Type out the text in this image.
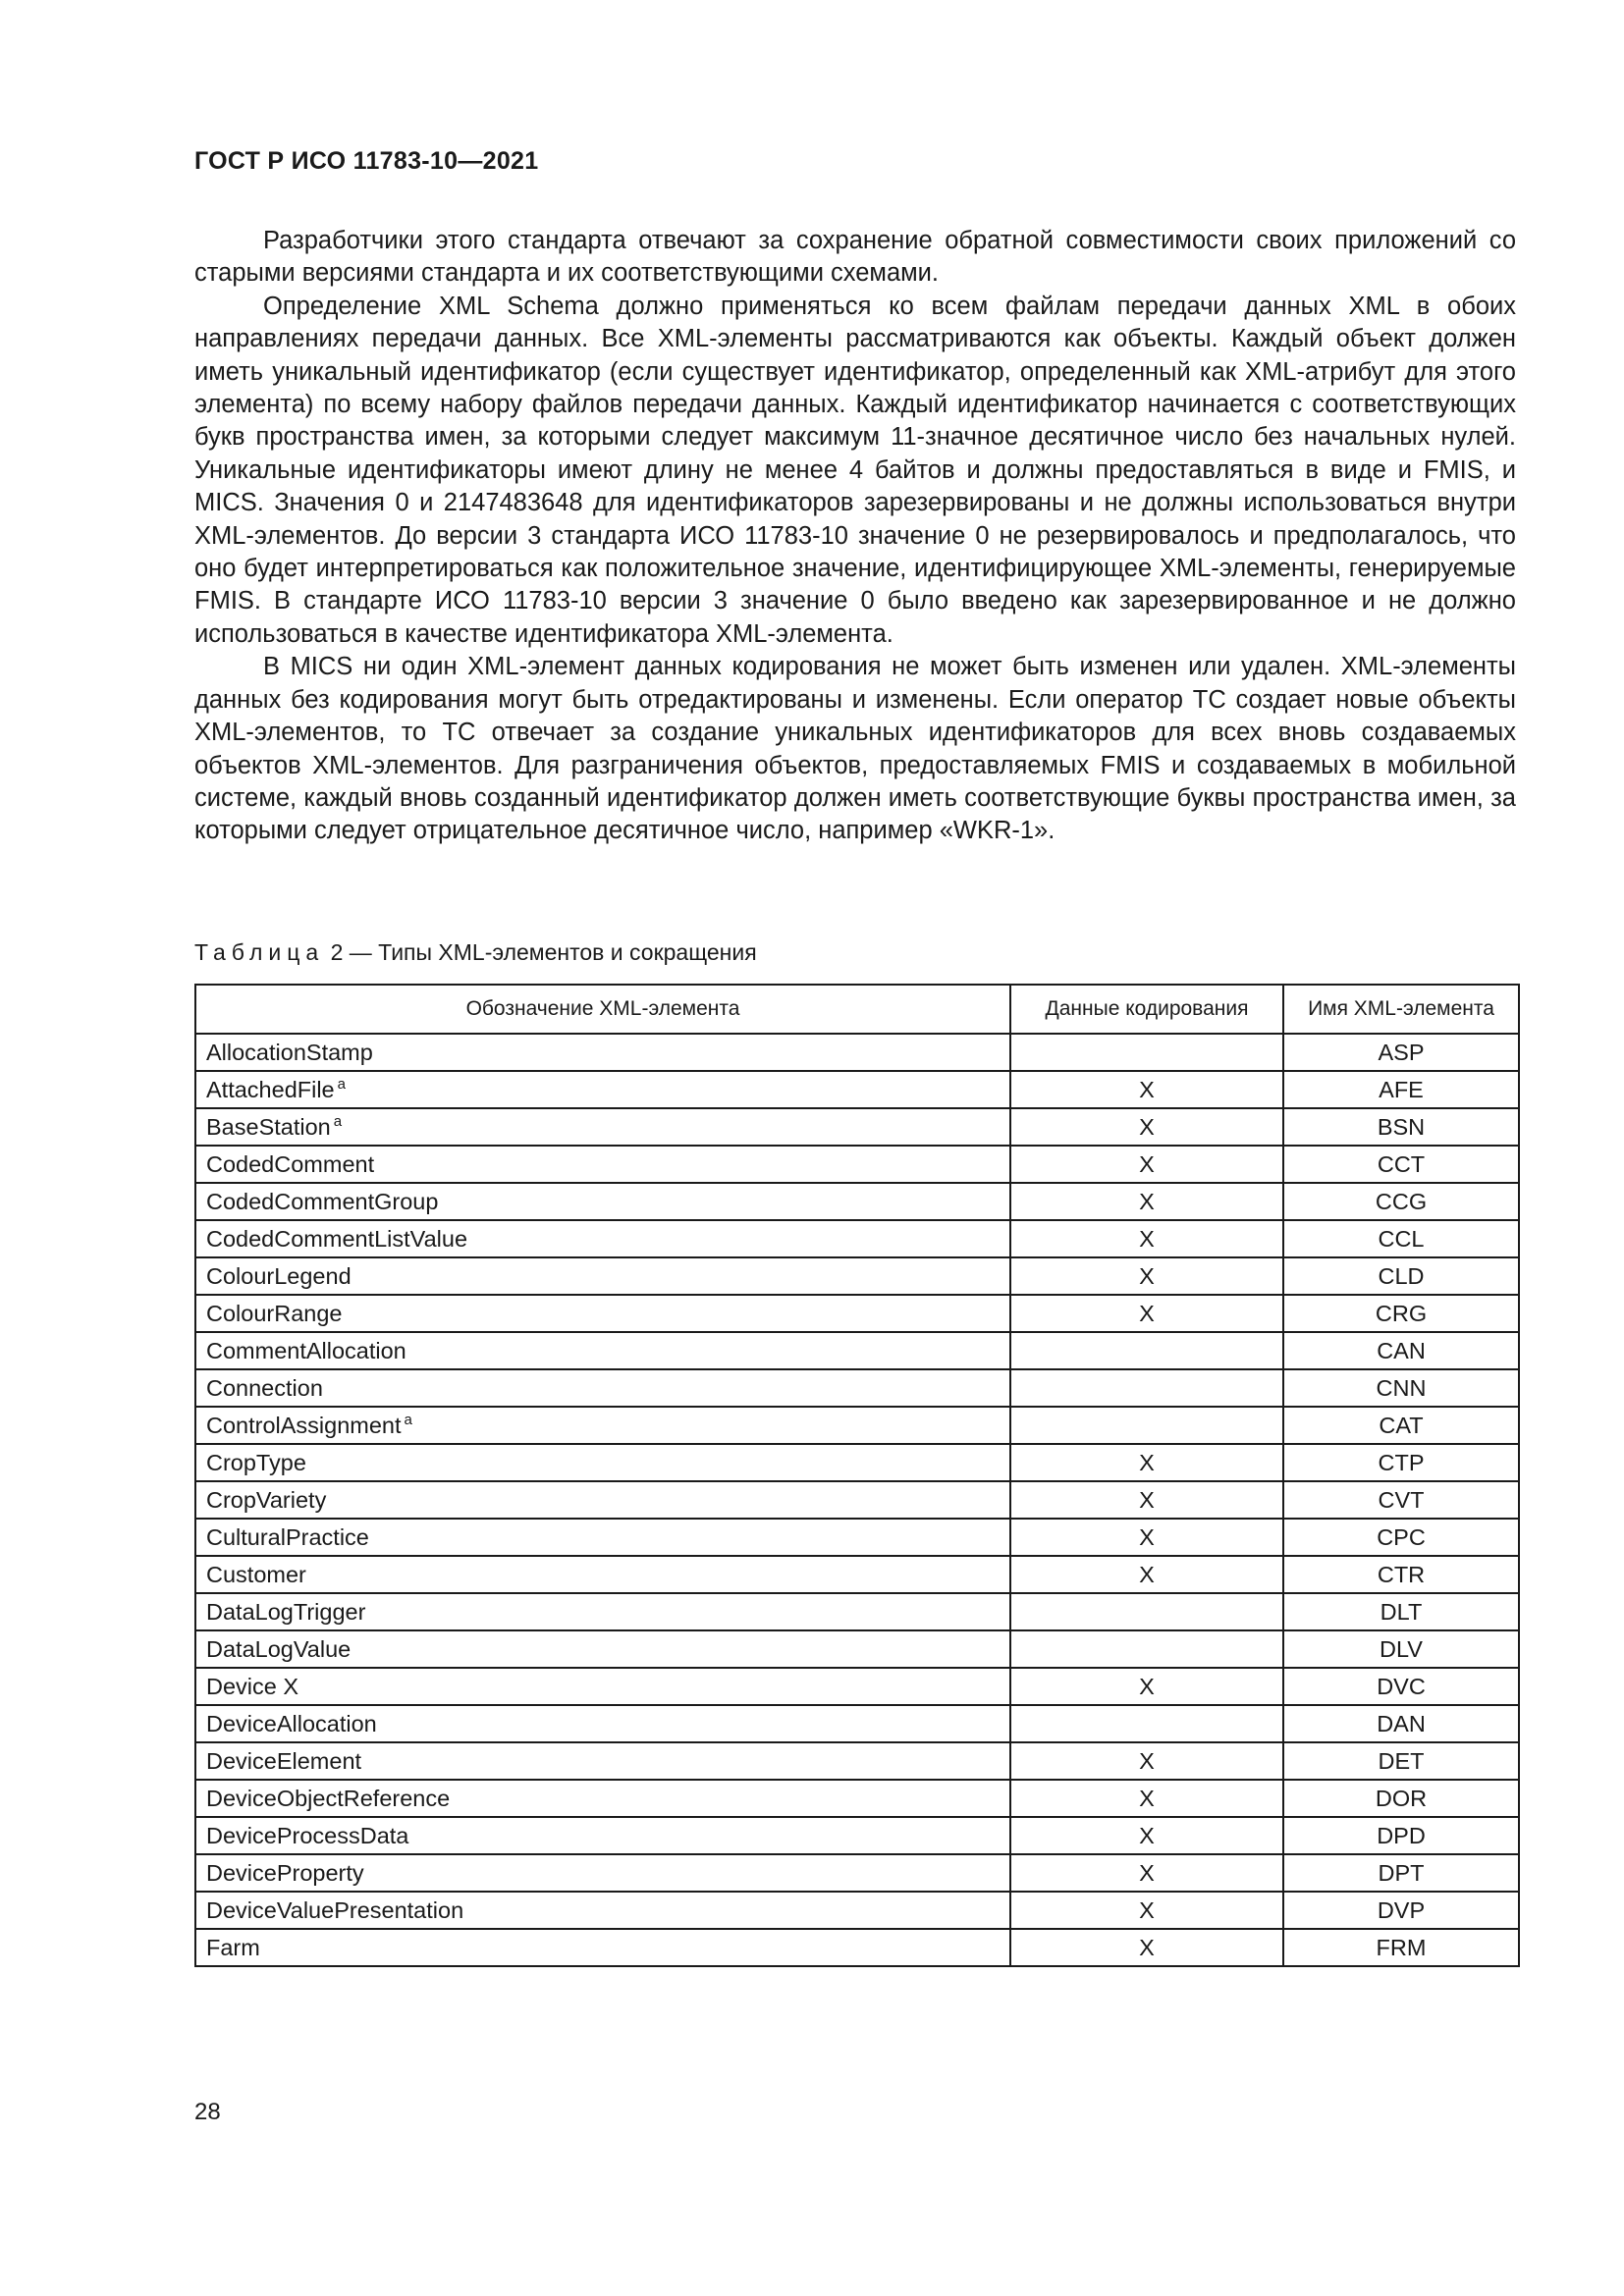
ГОСТ Р ИСО 11783-10—2021

Разработчики этого стандарта отвечают за сохранение обратной совместимости своих приложений со старыми версиями стандарта и их соответствующими схемами.

Определение XML Schema должно применяться ко всем файлам передачи данных XML в обоих направлениях передачи данных. Все XML-элементы рассматриваются как объекты. Каждый объект должен иметь уникальный идентификатор (если существует идентификатор, определенный как XML-атрибут для этого элемента) по всему набору файлов передачи данных. Каждый идентификатор начинается с соответствующих букв пространства имен, за которыми следует максимум 11-значное десятичное число без начальных нулей. Уникальные идентификаторы имеют длину не менее 4 байтов и должны предоставляться в виде и FMIS, и MICS. Значения 0 и 2147483648 для идентификаторов зарезервированы и не должны использоваться внутри XML-элементов. До версии 3 стандарта ИСО 11783-10 значение 0 не резервировалось и предполагалось, что оно будет интерпретироваться как положительное значение, идентифицирующее XML-элементы, генерируемые FMIS. В стандарте ИСО 11783-10 версии 3 значение 0 было введено как зарезервированное и не должно использоваться в качестве идентификатора XML-элемента.

В MICS ни один XML-элемент данных кодирования не может быть изменен или удален. XML-элементы данных без кодирования могут быть отредактированы и изменены. Если оператор ТС создает новые объекты XML-элементов, то ТС отвечает за создание уникальных идентификаторов для всех вновь создаваемых объектов XML-элементов. Для разграничения объектов, предоставляемых FMIS и создаваемых в мобильной системе, каждый вновь созданный идентификатор должен иметь соответствующие буквы пространства имен, за которыми следует отрицательное десятичное число, например «WKR-1».

Таблица 2 — Типы XML-элементов и сокращения
Обозначение XML-элемента	Данные кодирования	Имя XML-элемента
AllocationStamp		ASP
AttachedFile $^a$	X	AFE
BaseStation $^a$	X	BSN
CodedComment	X	CCT
CodedCommentGroup	X	CCG
CodedCommentListValue	X	CCL
ColourLegend	X	CLD
ColourRange	X	CRG
CommentAllocation		CAN
Connection		CNN
ControlAssignment $^a$		CAT
CropType	X	CTP
CropVariety	X	CVT
CulturalPractice	X	CPC
Customer	X	CTR
DataLogTrigger		DLT
DataLogValue		DLV
Device X	X	DVC
DeviceAllocation		DAN
DeviceElement	X	DET
DeviceObjectReference	X	DOR
DeviceProcessData	X	DPD
DeviceProperty	X	DPT
DeviceValuePresentation	X	DVP
Farm	X	FRM
28
